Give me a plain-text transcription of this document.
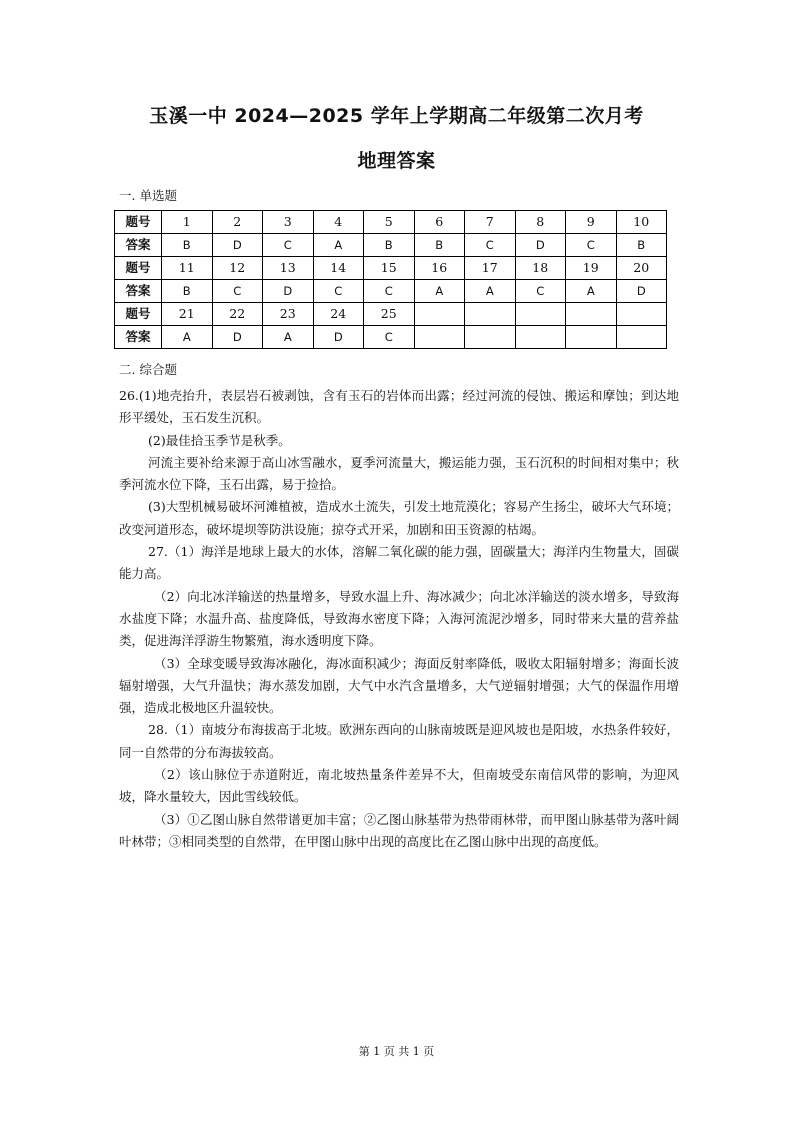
玉溪一中 2024—2025 学年上学期高二年级第二次月考
地理答案

一. 单选题

题号	1	2	3	4	5	6	7	8	9	10
答案	B	D	C	A	B	B	C	D	C	B
题号	11	12	13	14	15	16	17	18	19	20
答案	B	C	D	C	C	A	A	C	A	D
题号	21	22	23	24	25					
答案	A	D	A	D	C					

二. 综合题

26.(1)地壳抬升，表层岩石被剥蚀，含有玉石的岩体而出露；经过河流的侵蚀、搬运和摩蚀；到达地形平缓处，玉石发生沉积。

(2)最佳拾玉季节是秋季。

河流主要补给来源于高山冰雪融水，夏季河流量大，搬运能力强，玉石沉积的时间相对集中；秋季河流水位下降，玉石出露，易于捡拾。

(3)大型机械易破坏河滩植被，造成水土流失，引发土地荒漠化；容易产生扬尘，破坏大气环境；改变河道形态，破坏堤坝等防洪设施；掠夺式开采，加剧和田玉资源的枯竭。

27.（1）海洋是地球上最大的水体，溶解二氧化碳的能力强，固碳量大；海洋内生物量大，固碳能力高。

（2）向北冰洋输送的热量增多，导致水温上升、海冰减少；向北冰洋输送的淡水增多，导致海水盐度下降；水温升高、盐度降低，导致海水密度下降；入海河流泥沙增多，同时带来大量的营养盐类，促进海洋浮游生物繁殖，海水透明度下降。

（3）全球变暖导致海冰融化，海冰面积减少；海面反射率降低，吸收太阳辐射增多；海面长波辐射增强，大气升温快；海水蒸发加剧，大气中水汽含量增多，大气逆辐射增强；大气的保温作用增强，造成北极地区升温较快。

28.（1）南坡分布海拔高于北坡。欧洲东西向的山脉南坡既是迎风坡也是阳坡，水热条件较好，同一自然带的分布海拔较高。

（2）该山脉位于赤道附近，南北坡热量条件差异不大，但南坡受东南信风带的影响，为迎风坡，降水量较大，因此雪线较低。

（3）①乙图山脉自然带谱更加丰富；②乙图山脉基带为热带雨林带，而甲图山脉基带为落叶阔叶林带；③相同类型的自然带，在甲图山脉中出现的高度比在乙图山脉中出现的高度低。

第 1 页 共 1 页
